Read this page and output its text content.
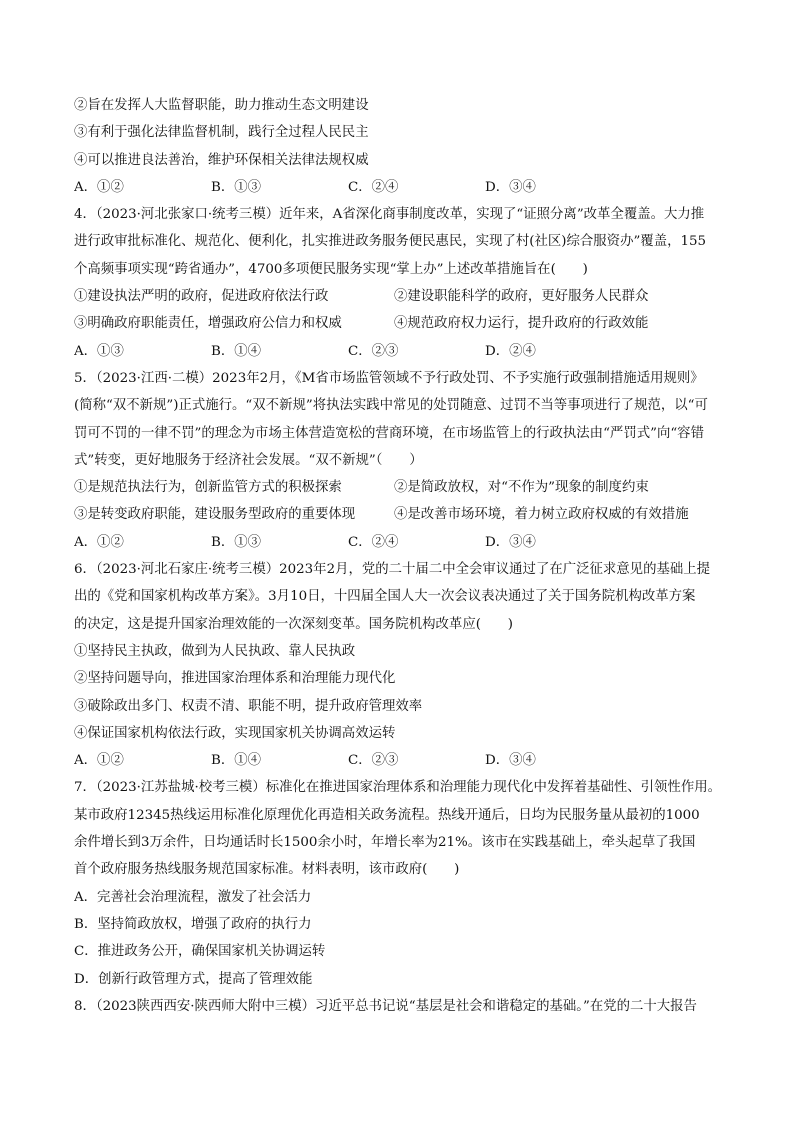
②旨在发挥人大监督职能，助力推动生态文明建设
③有利于强化法律监督机制，践行全过程人民民主
④可以推进良法善治，维护环保相关法律法规权威
A．①②	B．①③	C．②④	D．③④
4．（2023·河北张家口·统考三模）近年来，A省深化商事制度改革，实现了“证照分离”改革全覆盖。大力推
进行政审批标准化、规范化、便利化，扎实推进政务服务便民惠民，实现了村(社区)综合服资办”覆盖，155
个高频事项实现“跨省通办”，4700多项便民服务实现“掌上办”上述改革措施旨在(　　)
①建设执法严明的政府，促进政府依法行政	②建设职能科学的政府，更好服务人民群众
③明确政府职能责任，增强政府公信力和权威	④规范政府权力运行，提升政府的行政效能
A．①③	B．①④	C．②③	D．②④
5．（2023·江西·二模）2023年2月，《M省市场监管领域不予行政处罚、不予实施行政强制措施适用规则》
(简称“双不新规”)正式施行。“双不新规”将执法实践中常见的处罚随意、过罚不当等事项进行了规范，以“可
罚可不罚的一律不罚”的理念为市场主体营造宽松的营商环境，在市场监管上的行政执法由“严罚式”向“容错
式”转变，更好地服务于经济社会发展。“双不新规”（　　）
①是规范执法行为，创新监管方式的积极探索	②是简政放权，对“不作为”现象的制度约束
③是转变政府职能，建设服务型政府的重要体现	④是改善市场环境，着力树立政府权威的有效措施
A．①②	B．①③	C．②④	D．③④
6．（2023·河北石家庄·统考三模）2023年2月，党的二十届二中全会审议通过了在广泛征求意见的基础上提
出的《党和国家机构改革方案》。3月10日，十四届全国人大一次会议表决通过了关于国务院机构改革方案
的决定，这是提升国家治理效能的一次深刻变革。国务院机构改革应(　　)
①坚持民主执政，做到为人民执政、靠人民执政
②坚持问题导向，推进国家治理体系和治理能力现代化
③破除政出多门、权责不清、职能不明，提升政府管理效率
④保证国家机构依法行政，实现国家机关协调高效运转
A．①②	B．①④	C．②③	D．③④
7．（2023·江苏盐城·校考三模）标准化在推进国家治理体系和治理能力现代化中发挥着基础性、引领性作用。
某市政府12345热线运用标准化原理优化再造相关政务流程。热线开通后，日均为民服务量从最初的1000
余件增长到3万余件，日均通话时长1500余小时，年增长率为21%。该市在实践基础上，牵头起草了我国
首个政府服务热线服务规范国家标准。材料表明，该市政府(　　)
A．完善社会治理流程，激发了社会活力
B．坚持简政放权，增强了政府的执行力
C．推进政务公开，确保国家机关协调运转
D．创新行政管理方式，提高了管理效能
8．（2023陕西西安·陕西师大附中三模）习近平总书记说“基层是社会和谐稳定的基础。”在党的二十大报告
